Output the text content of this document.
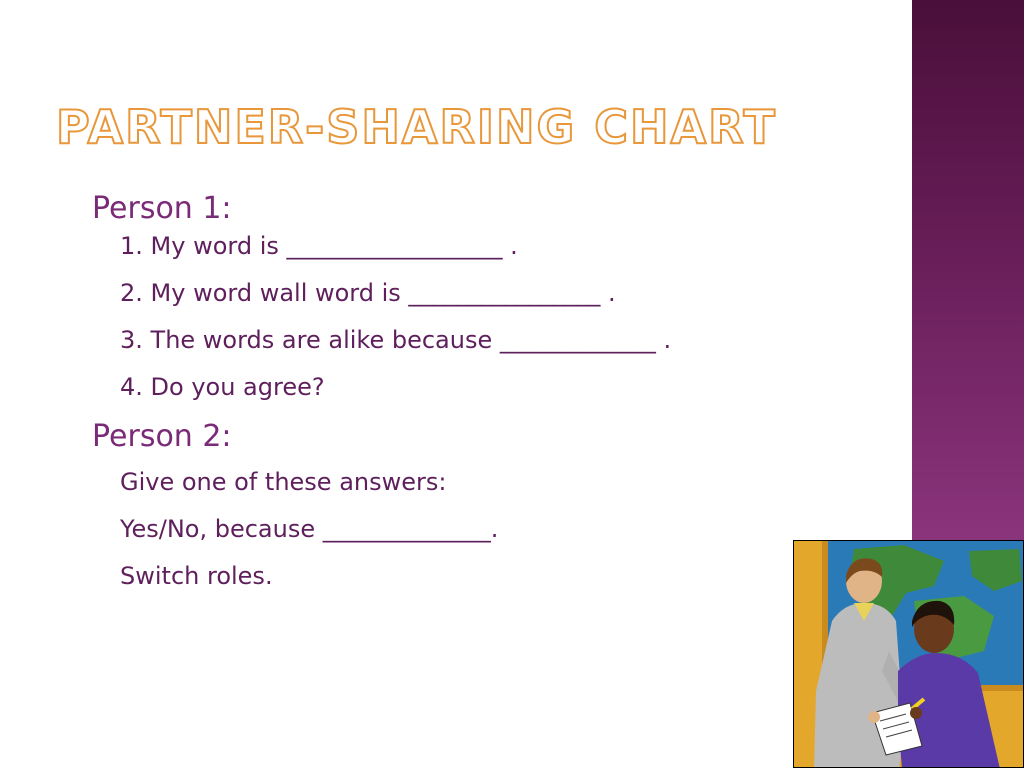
PARTNER-SHARING CHART
Person 1:
1. My word is __________________ .
2. My word wall word is ________________ .
3. The words are alike because _____________ .
4. Do you agree?
Person 2:
Give one of these answers:
Yes/No, because ______________.
Switch roles.
